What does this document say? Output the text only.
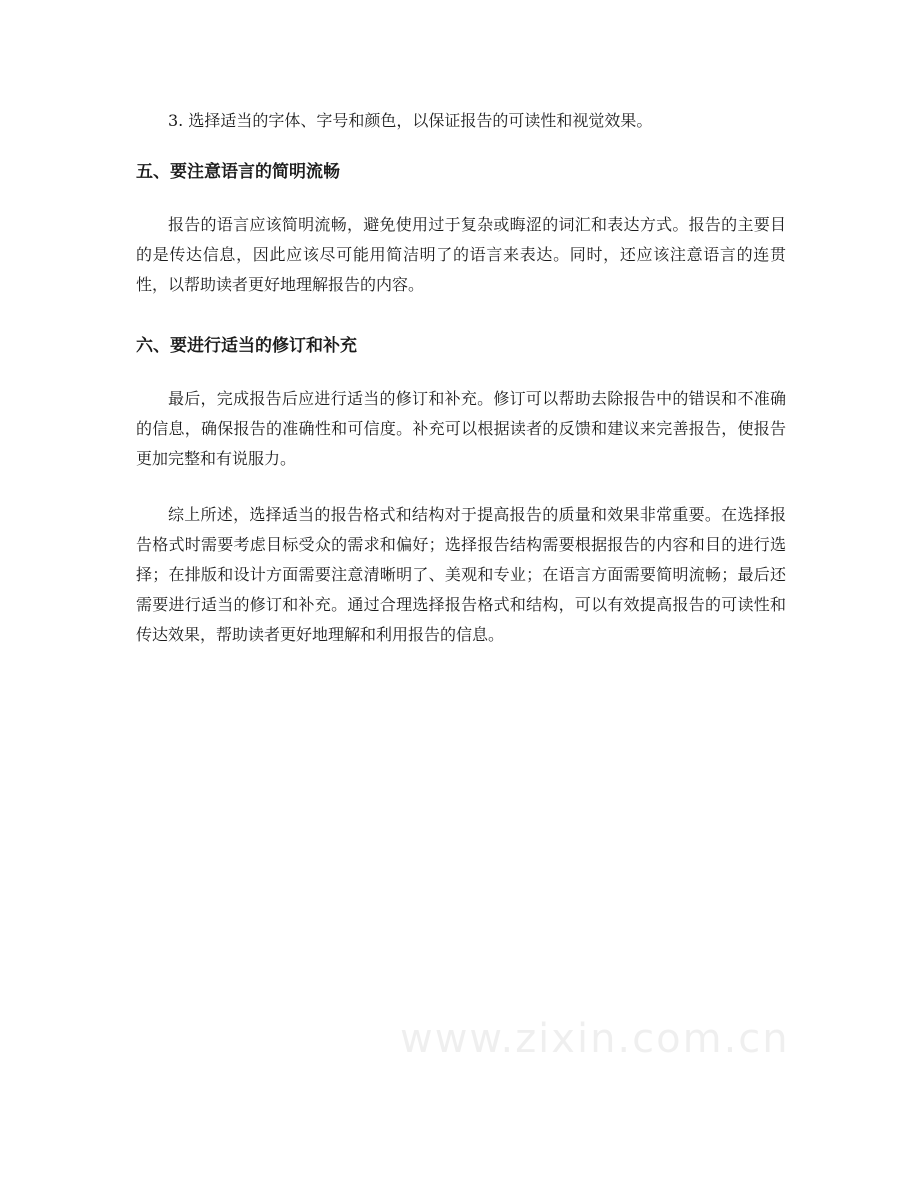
3. 选择适当的字体、字号和颜色，以保证报告的可读性和视觉效果。

五、要注意语言的简明流畅

报告的语言应该简明流畅，避免使用过于复杂或晦涩的词汇和表达方式。报告的主要目的是传达信息，因此应该尽可能用简洁明了的语言来表达。同时，还应该注意语言的连贯性，以帮助读者更好地理解报告的内容。

六、要进行适当的修订和补充

最后，完成报告后应进行适当的修订和补充。修订可以帮助去除报告中的错误和不准确的信息，确保报告的准确性和可信度。补充可以根据读者的反馈和建议来完善报告，使报告更加完整和有说服力。

综上所述，选择适当的报告格式和结构对于提高报告的质量和效果非常重要。在选择报告格式时需要考虑目标受众的需求和偏好；选择报告结构需要根据报告的内容和目的进行选择；在排版和设计方面需要注意清晰明了、美观和专业；在语言方面需要简明流畅；最后还需要进行适当的修订和补充。通过合理选择报告格式和结构，可以有效提高报告的可读性和传达效果，帮助读者更好地理解和利用报告的信息。

www.zixin.com.cn
